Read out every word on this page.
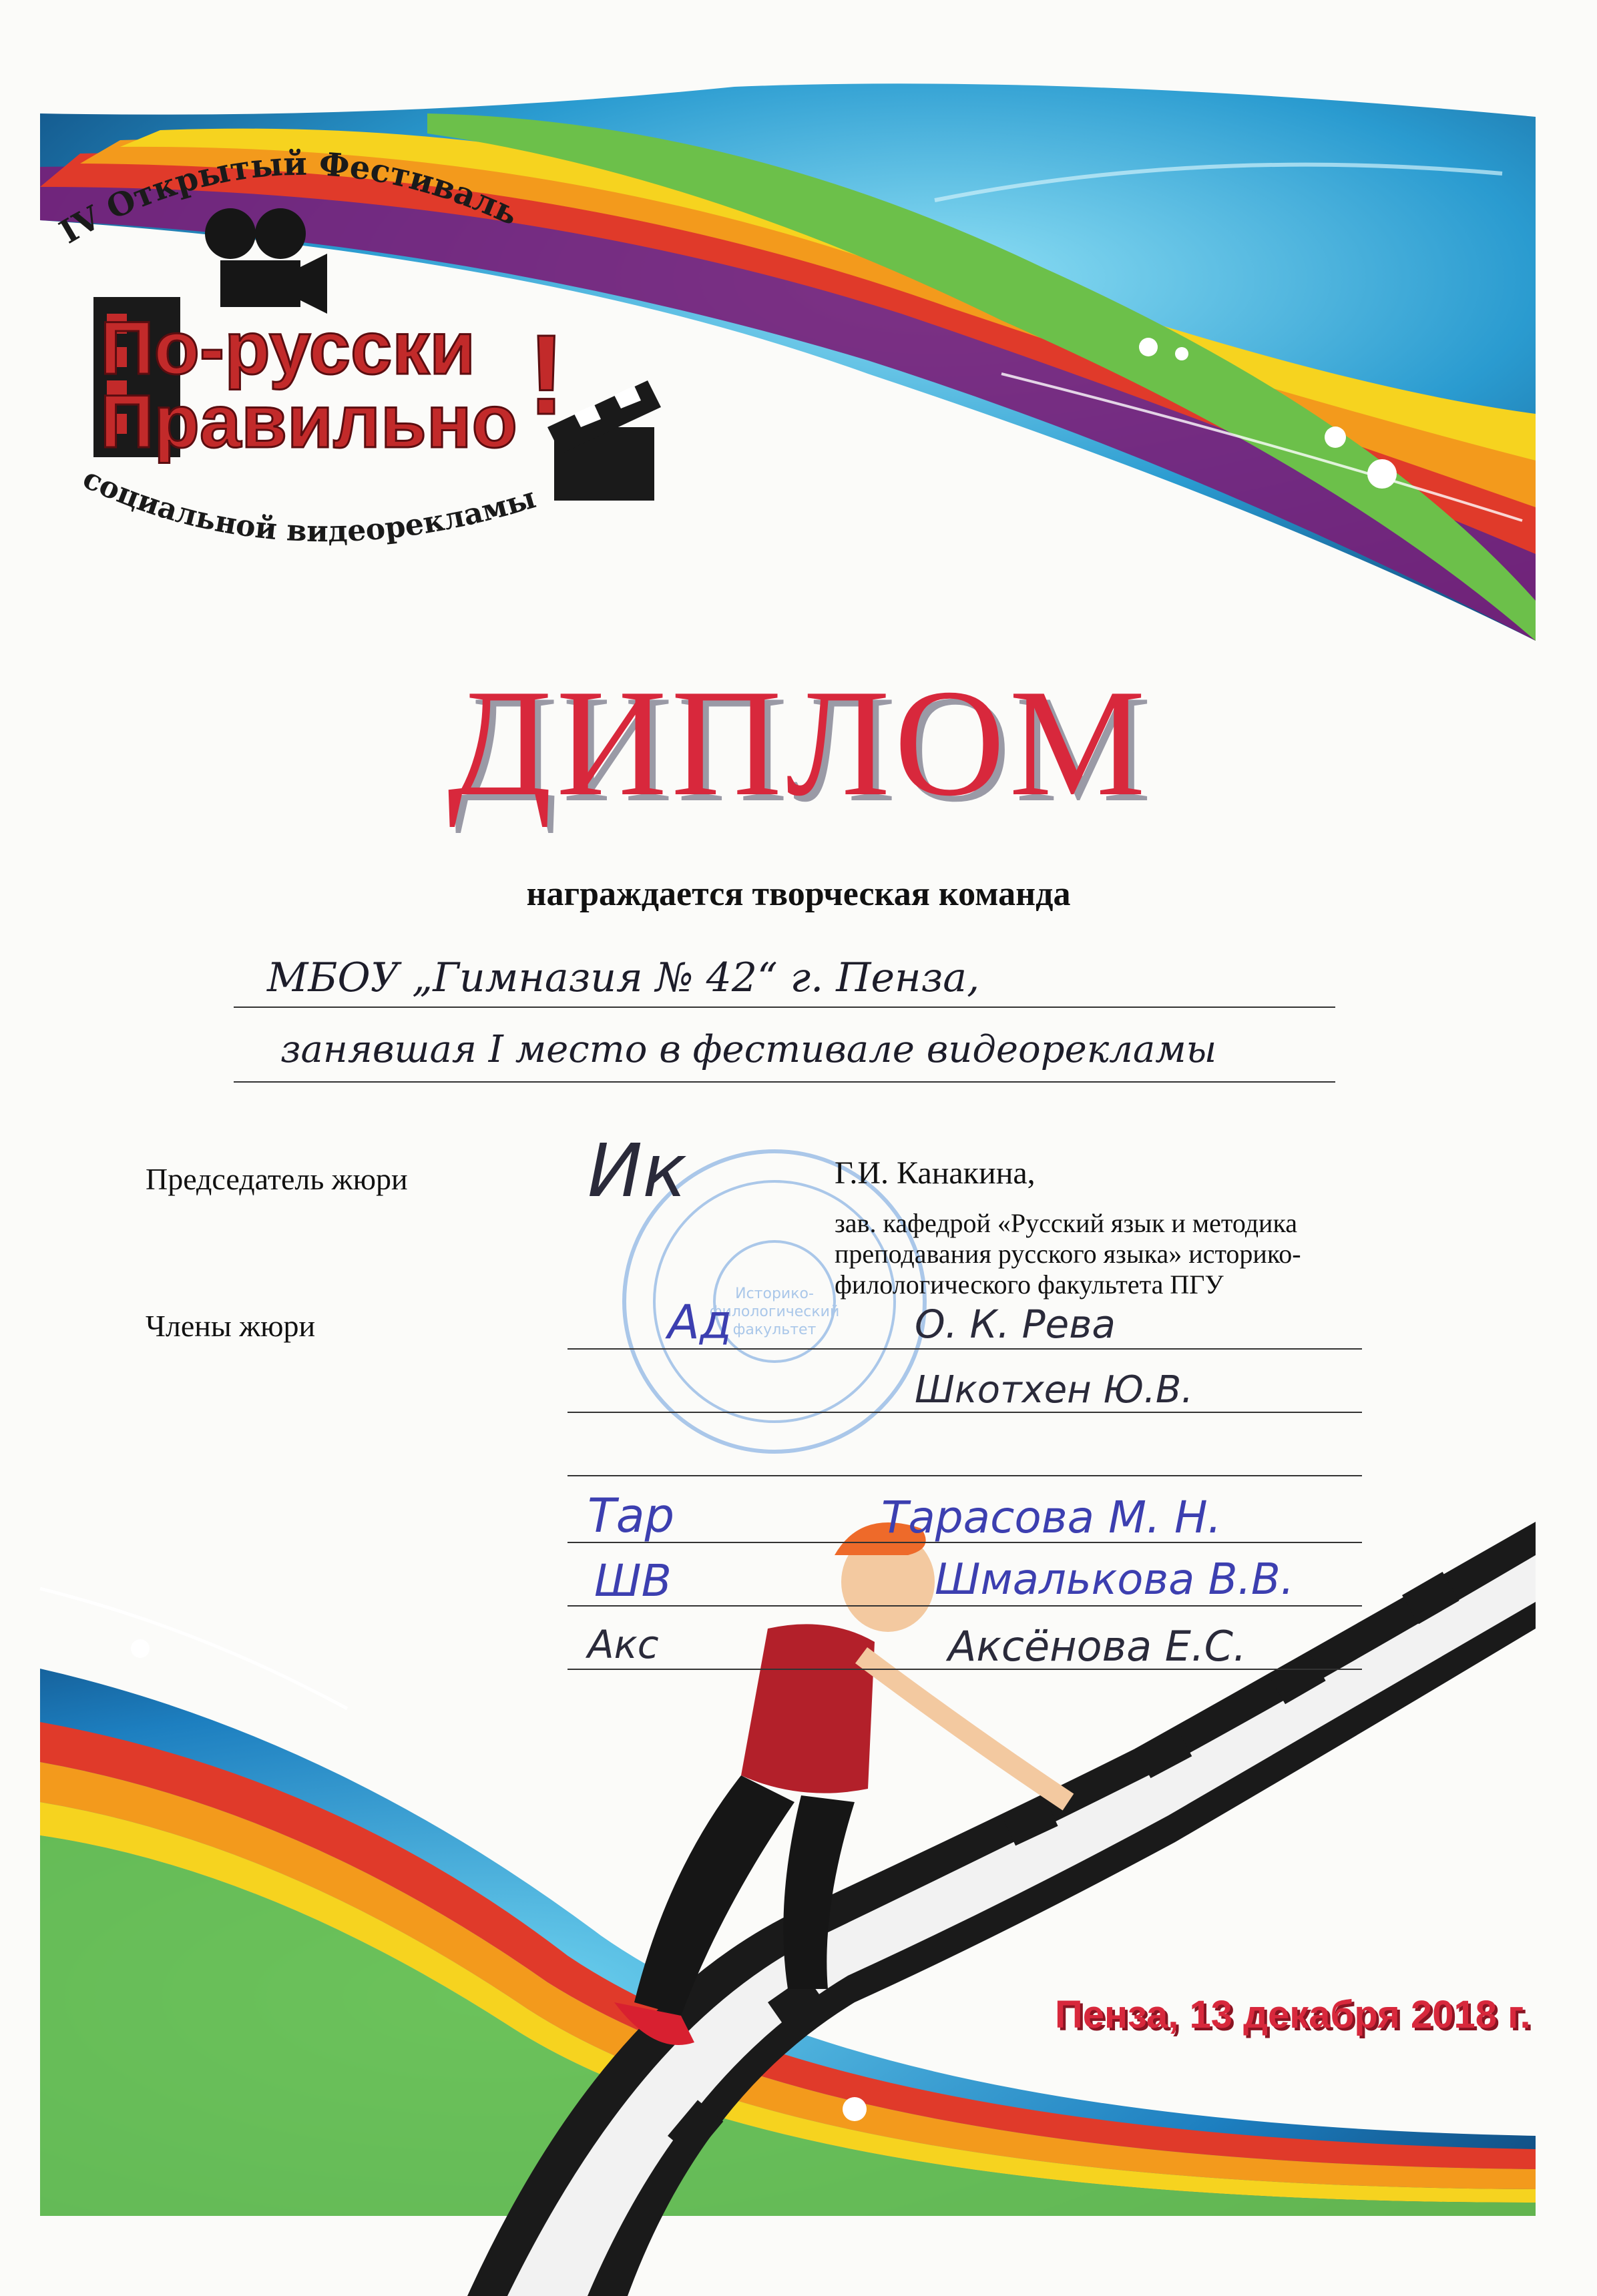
Историко-
филологический
факультет
IV Открытый Фестиваль
социальной видеорекламы
По-русски
Правильно !
ДИПЛОМ
награждается творческая команда
МБОУ „Гимназия № 42“ г. Пенза,
занявшая I место в фестивале видеорекламы
Председатель жюри Ик	Г.И. Канакина,
зав. кафедрой «Русский язык и методика преподавания русского языка» историко-филологического факультета ПГУ
Члены жюри	Ад	О. К. Рева
Шкотхен Ю.В.
Тар	Тарасова М. Н.
ШВ	Шмалькова В.В.
Акс	Аксёнова Е.С.
Пенза, 13 декабря 2018 г.
